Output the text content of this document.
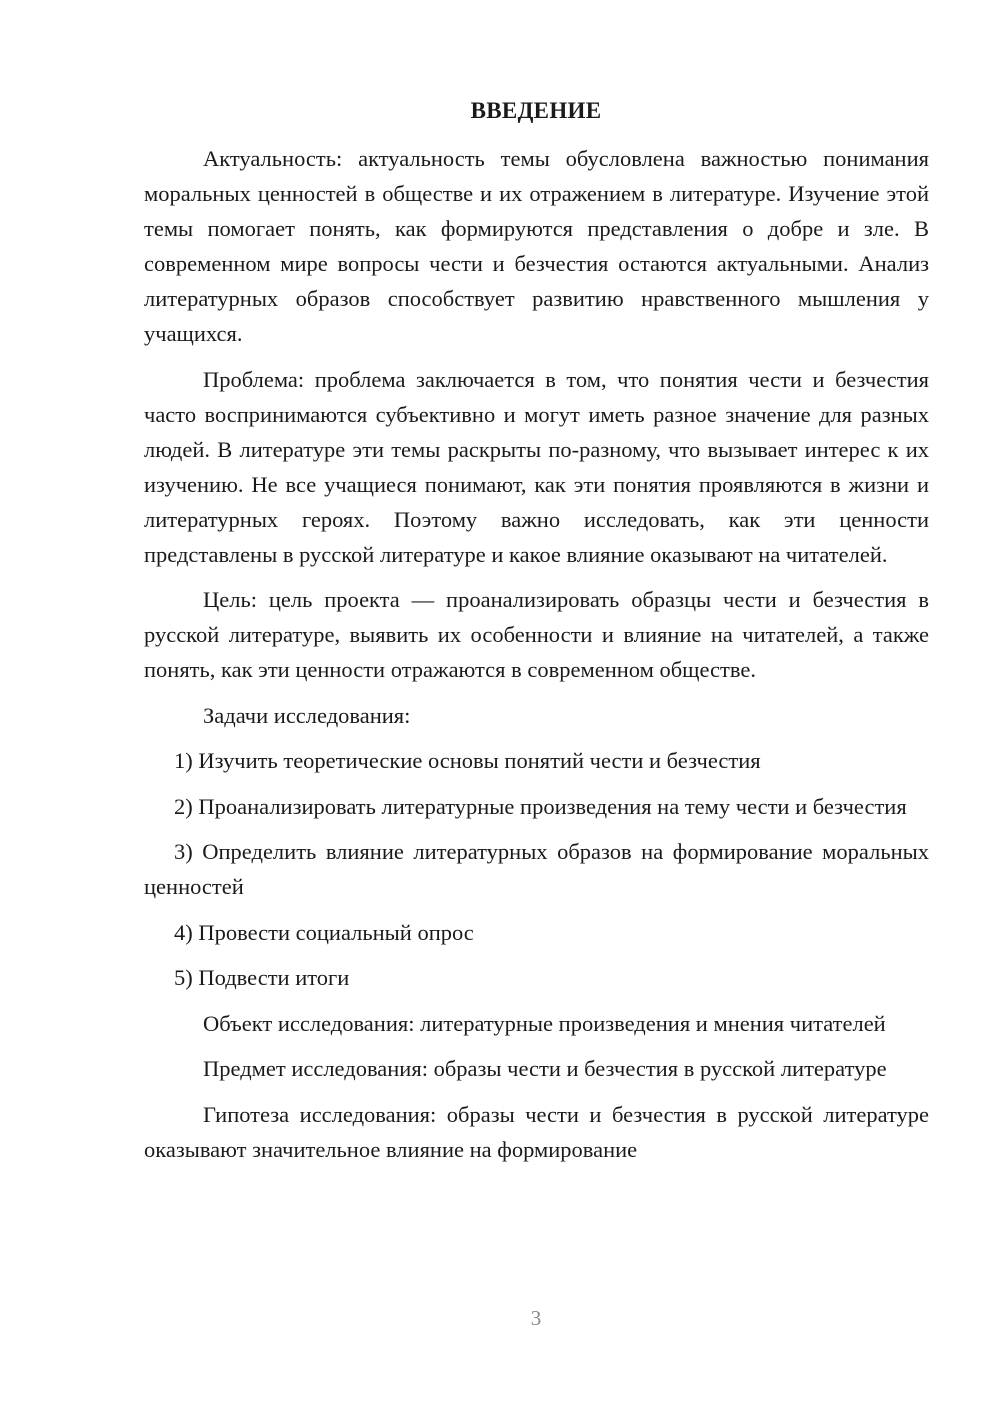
ВВЕДЕНИЕ

Актуальность: актуальность темы обусловлена важностью понимания моральных ценностей в обществе и их отражением в литературе. Изучение этой темы помогает понять, как формируются представления о добре и зле. В современном мире вопросы чести и безчестия остаются актуальными. Анализ литературных образов способствует развитию нравственного мышления у учащихся.

Проблема: проблема заключается в том, что понятия чести и безчестия часто воспринимаются субъективно и могут иметь разное значение для разных людей. В литературе эти темы раскрыты по-разному, что вызывает интерес к их изучению. Не все учащиеся понимают, как эти понятия проявляются в жизни и литературных героях. Поэтому важно исследовать, как эти ценности представлены в русской литературе и какое влияние оказывают на читателей.

Цель: цель проекта — проанализировать образцы чести и безчестия в русской литературе, выявить их особенности и влияние на читателей, а также понять, как эти ценности отражаются в современном обществе.

Задачи исследования:

1) Изучить теоретические основы понятий чести и безчестия

2) Проанализировать литературные произведения на тему чести и безчестия

3) Определить влияние литературных образов на формирование моральных ценностей

4) Провести социальный опрос

5) Подвести итоги

Объект исследования: литературные произведения и мнения читателей

Предмет исследования: образы чести и безчестия в русской литературе

Гипотеза исследования: образы чести и безчестия в русской литературе оказывают значительное влияние на формирование

3
